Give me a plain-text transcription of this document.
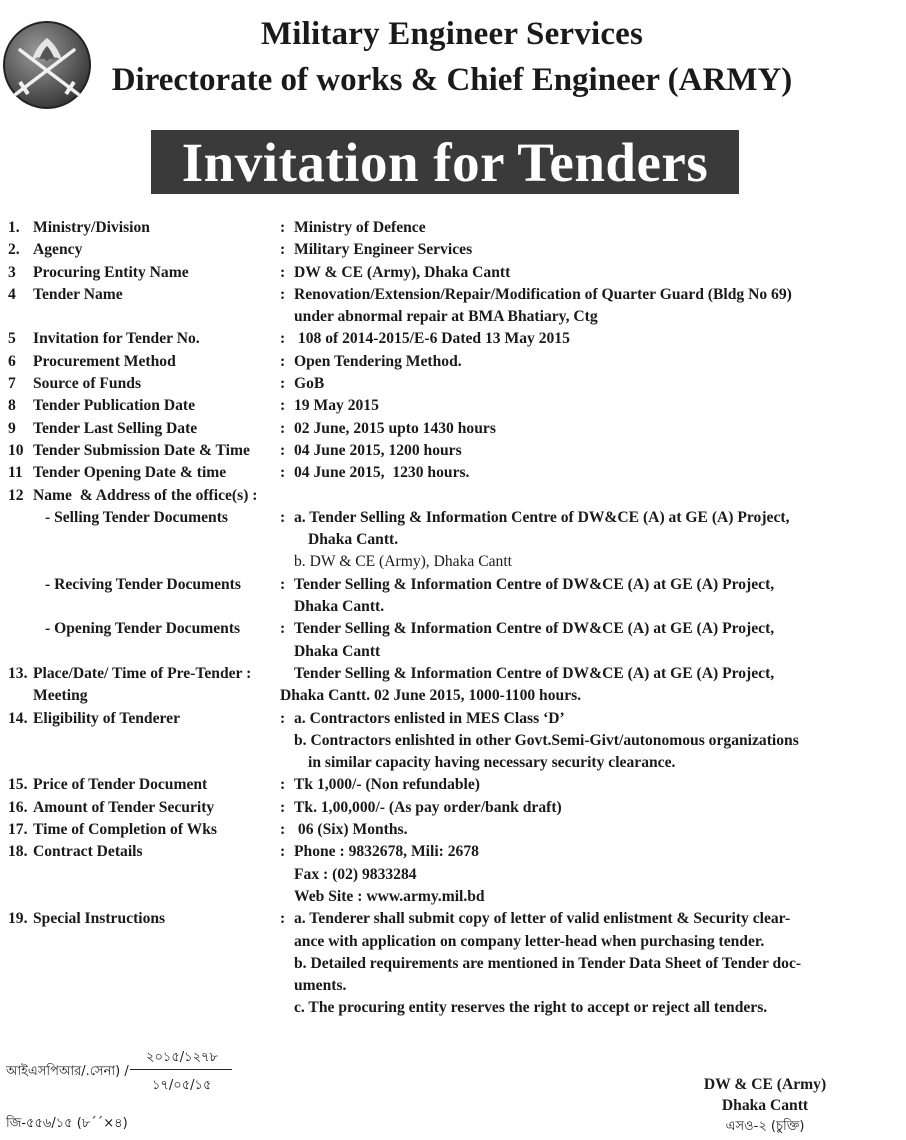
Military Engineer Services
Directorate of works & Chief Engineer (ARMY)
Invitation for Tenders
1. Ministry/Division	: Ministry of Defence
2. Agency	: Military Engineer Services
3	Procuring Entity Name	: DW & CE (Army), Dhaka Cantt
4	Tender Name	: Renovation/Extension/Repair/Modification of Quarter Guard (Bldg No 69)

under abnormal repair at BMA Bhatiary, Ctg

5	Invitation for Tender No.	: 108 of 2014-2015/E-6 Dated 13 May 2015
6	Procurement Method	: Open Tendering Method.
7	Source of Funds	: GoB
8	Tender Publication Date	: 19 May 2015
9	Tender Last Selling Date	: 02 June, 2015 upto 1430 hours
10 Tender Submission Date & Time	: 04 June 2015, 1200 hours
11 Tender Opening Date & time	: 04 June 2015,  1230 hours.
12 Name  & Address of the office(s) :
- Selling Tender Documents	: a. Tender Selling & Information Centre of DW&CE (A) at GE (A) Project,

Dhaka Cantt.

b. DW & CE (Army), Dhaka Cantt

- Reciving Tender Documents	: Tender Selling & Information Centre of DW&CE (A) at GE (A) Project,

Dhaka Cantt.

- Opening Tender Documents	: Tender Selling & Information Centre of DW&CE (A) at GE (A) Project,

Dhaka Cantt

13. Place/Date/ Time of Pre-Tender :	Tender Selling & Information Centre of DW&CE (A) at GE (A) Project,
Meeting	Dhaka Cantt. 02 June 2015, 1000-1100 hours.
14. Eligibility of Tenderer	: a. Contractors enlisted in MES Class ‘D’

b. Contractors enlishted in other Govt.Semi-Givt/autonomous organizations

in similar capacity having necessary security clearance.

15. Price of Tender Document	: Tk 1,000/- (Non refundable)
16. Amount of Tender Security	: Tk. 1,00,000/- (As pay order/bank draft)
17. Time of Completion of Wks	: 06 (Six) Months.
18. Contract Details	: Phone : 9832678, Mili: 2678

Fax : (02) 9833284

Web Site : www.army.mil.bd

19. Special Instructions	: a. Tenderer shall submit copy of letter of valid enlistment & Security clear-

ance with application on company letter-head when purchasing tender.

b. Detailed requirements are mentioned in Tender Data Sheet of Tender doc-

uments.

c. The procuring entity reserves the right to accept or reject all tenders.

আইএসপিআর/.সেনা) /
২০১৫/১২৭৮
১৭/০৫/১৫
জি-৫৫৬/১৫ (৮´´×৪)
DW & CE (Army)
Dhaka Cantt
এসও-২ (চুক্তি)
